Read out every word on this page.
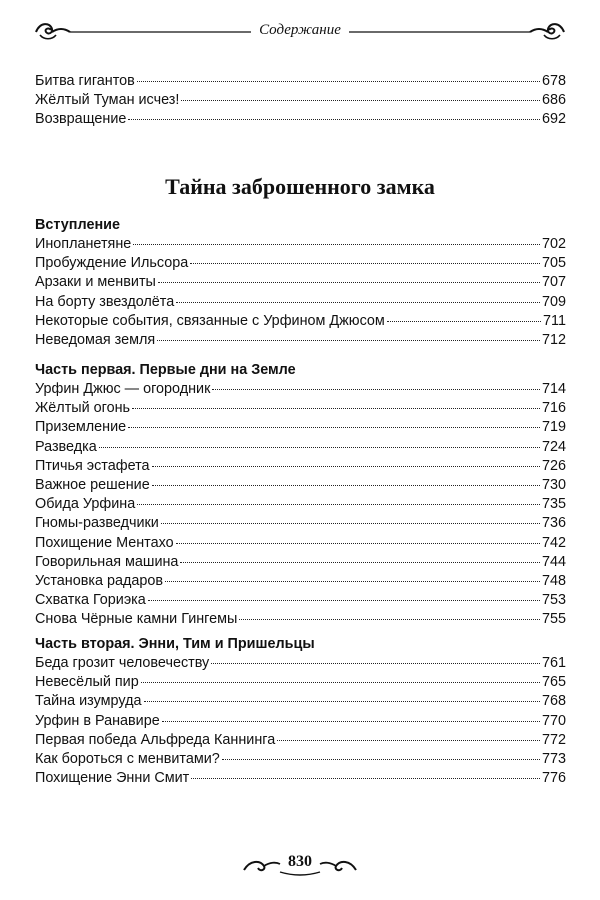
Содержание
Битва гигантов	678
Жёлтый Туман исчез!	686
Возвращение	692
Тайна заброшенного замка
Вступление
Инопланетяне	702
Пробуждение Ильсора	705
Арзаки и менвиты	707
На борту звездолёта	709
Некоторые события, связанные с Урфином Джюсом	711
Неведомая земля	712
Часть первая. Первые дни на Земле
Урфин Джюс — огородник	714
Жёлтый огонь	716
Приземление	719
Разведка	724
Птичья эстафета	726
Важное решение	730
Обида Урфина	735
Гномы-разведчики	736
Похищение Ментахо	742
Говорильная машина	744
Установка радаров	748
Схватка Гориэка	753
Снова Чёрные камни Гингемы	755
Часть вторая. Энни, Тим и Пришельцы
Беда грозит человечеству	761
Невесёлый пир	765
Тайна изумруда	768
Урфин в Ранавире	770
Первая победа Альфреда Каннинга	772
Как бороться с менвитами?	773
Похищение Энни Смит	776
830
